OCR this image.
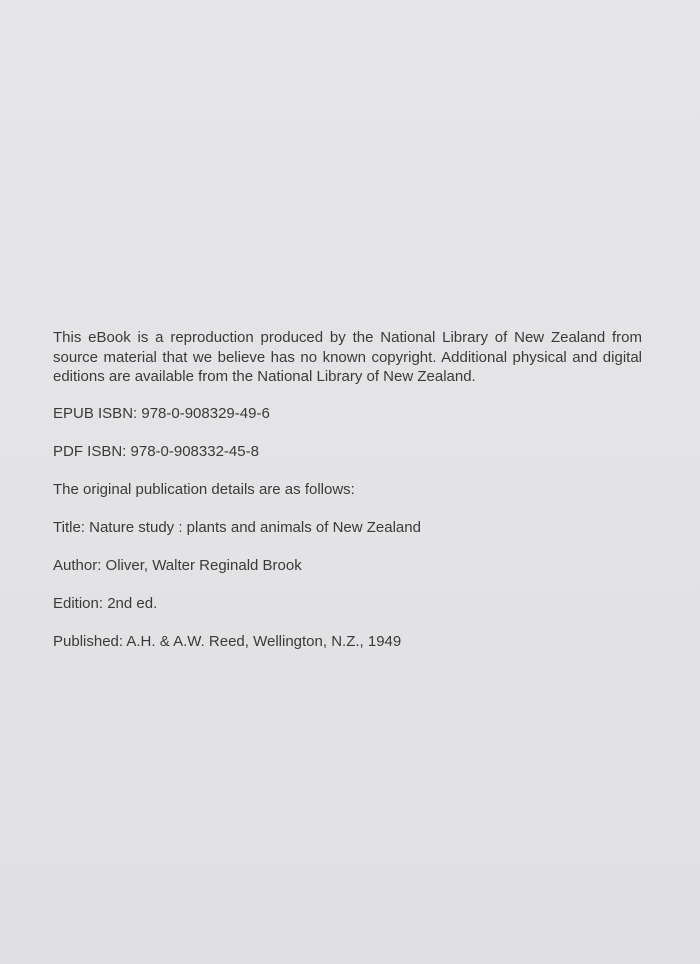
This eBook is a reproduction produced by the National Library of New Zealand from source material that we believe has no known copyright. Additional physical and digital editions are available from the National Library of New Zealand.

EPUB ISBN: 978-0-908329-49-6

PDF ISBN: 978-0-908332-45-8

The original publication details are as follows:

Title: Nature study : plants and animals of New Zealand

Author: Oliver, Walter Reginald Brook

Edition: 2nd ed.

Published: A.H. & A.W. Reed, Wellington, N.Z., 1949
